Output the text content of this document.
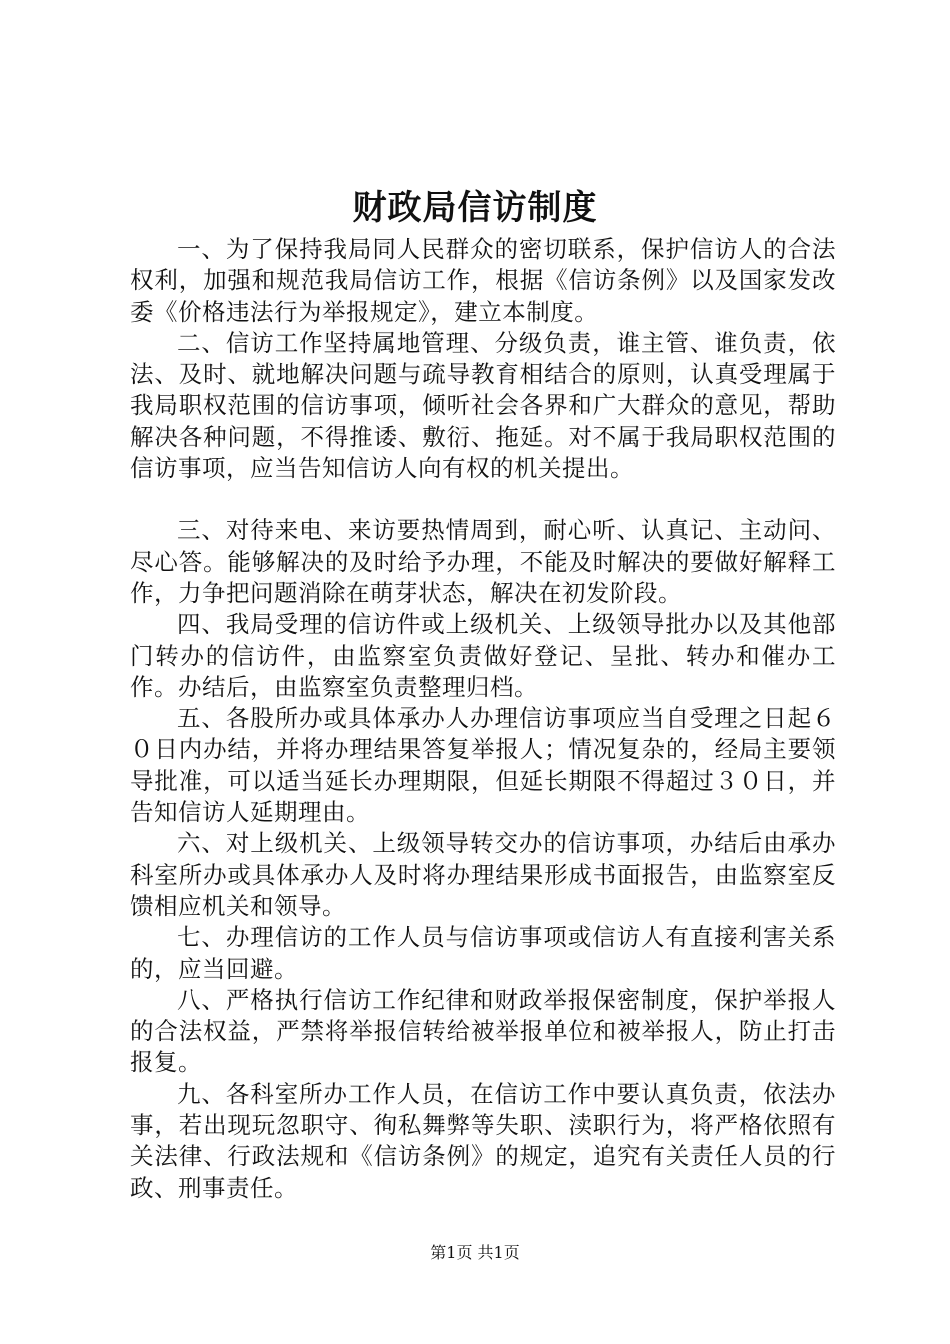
财政局信访制度

一、为了保持我局同人民群众的密切联系，保护信访人的合法权利，加强和规范我局信访工作，根据《信访条例》以及国家发改委《价格违法行为举报规定》，建立本制度。

二、信访工作坚持属地管理、分级负责，谁主管、谁负责，依法、及时、就地解决问题与疏导教育相结合的原则，认真受理属于我局职权范围的信访事项，倾听社会各界和广大群众的意见，帮助解决各种问题，不得推诿、敷衍、拖延。对不属于我局职权范围的信访事项，应当告知信访人向有权的机关提出。

三、对待来电、来访要热情周到，耐心听、认真记、主动问、尽心答。能够解决的及时给予办理，不能及时解决的要做好解释工作，力争把问题消除在萌芽状态，解决在初发阶段。

四、我局受理的信访件或上级机关、上级领导批办以及其他部门转办的信访件，由监察室负责做好登记、呈批、转办和催办工作。办结后，由监察室负责整理归档。

五、各股所办或具体承办人办理信访事项应当自受理之日起６０日内办结，并将办理结果答复举报人；情况复杂的，经局主要领导批准，可以适当延长办理期限，但延长期限不得超过３０日，并告知信访人延期理由。

六、对上级机关、上级领导转交办的信访事项，办结后由承办科室所办或具体承办人及时将办理结果形成书面报告，由监察室反馈相应机关和领导。

七、办理信访的工作人员与信访事项或信访人有直接利害关系的，应当回避。

八、严格执行信访工作纪律和财政举报保密制度，保护举报人的合法权益，严禁将举报信转给被举报单位和被举报人，防止打击报复。

九、各科室所办工作人员，在信访工作中要认真负责，依法办事，若出现玩忽职守、徇私舞弊等失职、渎职行为，将严格依照有关法律、行政法规和《信访条例》的规定，追究有关责任人员的行政、刑事责任。

第1页 共1页
